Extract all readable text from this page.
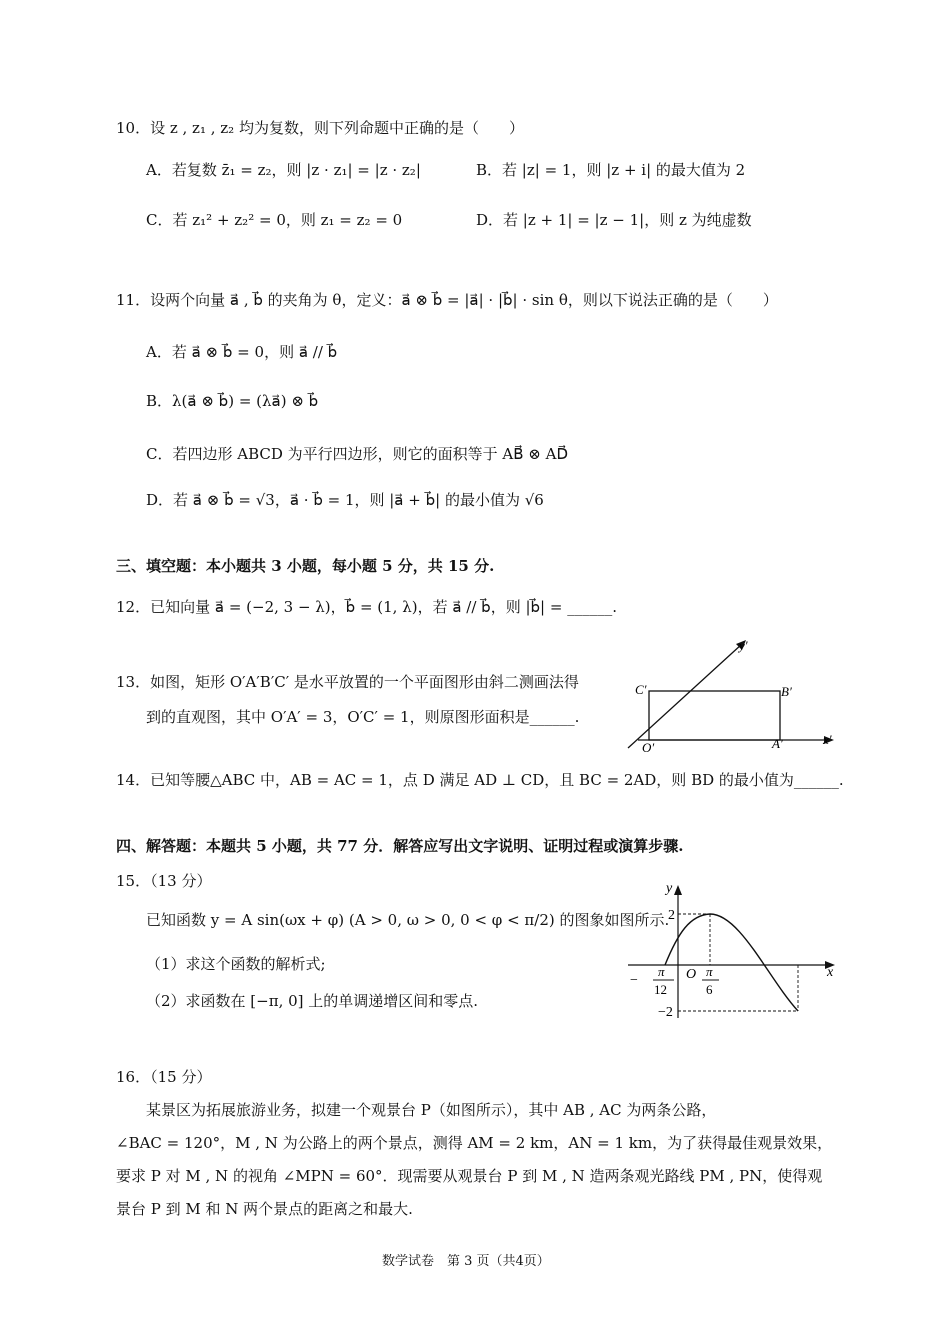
10．设 z , z₁ , z₂ 均为复数，则下列命题中正确的是（　　）
A．若复数 z̄₁ = z₂，则 |z · z₁| = |z · z₂|	B．若 |z| = 1，则 |z + i| 的最大值为 2
C．若 z₁² + z₂² = 0，则 z₁ = z₂ = 0	D．若 |z + 1| = |z − 1|，则 z 为纯虚数
11．设两个向量 a⃗ , b⃗ 的夹角为 θ，定义：a⃗ ⊗ b⃗ = |a⃗| · |b⃗| · sin θ，则以下说法正确的是（　　）
A．若 a⃗ ⊗ b⃗ = 0，则 a⃗ // b⃗
B．λ(a⃗ ⊗ b⃗) = (λa⃗) ⊗ b⃗
C．若四边形 ABCD 为平行四边形，则它的面积等于 AB⃗ ⊗ AD⃗
D．若 a⃗ ⊗ b⃗ = √3，a⃗ · b⃗ = 1，则 |a⃗ + b⃗| 的最小值为 √6
三、填空题：本小题共 3 小题，每小题 5 分，共 15 分.
12．已知向量 a⃗ = (−2, 3 − λ)，b⃗ = (1, λ)，若 a⃗ // b⃗，则 |b⃗| = ______.
13．如图，矩形 O′A′B′C′ 是水平放置的一个平面图形由斜二测画法得
到的直观图，其中 O′A′ = 3，O′C′ = 1，则原图形面积是______.
y′
x′
O′	A′
B′
C′
14．已知等腰△ABC 中，AB = AC = 1，点 D 满足 AD ⊥ CD，且 BC = 2AD，则 BD 的最小值为______.
四、解答题：本题共 5 小题，共 77 分．解答应写出文字说明、证明过程或演算步骤.
15．（13 分）
已知函数 y = A sin(ωx + φ) (A > 0, ω > 0, 0 < φ < π/2) 的图象如图所示.
（1）求这个函数的解析式;
（2）求函数在 [−π, 0] 上的单调递增区间和零点.
y
x
O
2
−2
−
π
12
π
6
16．（15 分）
某景区为拓展旅游业务，拟建一个观景台 P（如图所示），其中 AB , AC 为两条公路，
∠BAC = 120°，M , N 为公路上的两个景点，测得 AM = 2 km，AN = 1 km，为了获得最佳观景效果，
要求 P 对 M , N 的视角 ∠MPN = 60°．现需要从观景台 P 到 M , N 造两条观光路线 PM , PN，使得观
景台 P 到 M 和 N 两个景点的距离之和最大.
数学试卷　第 3 页（共4页）
